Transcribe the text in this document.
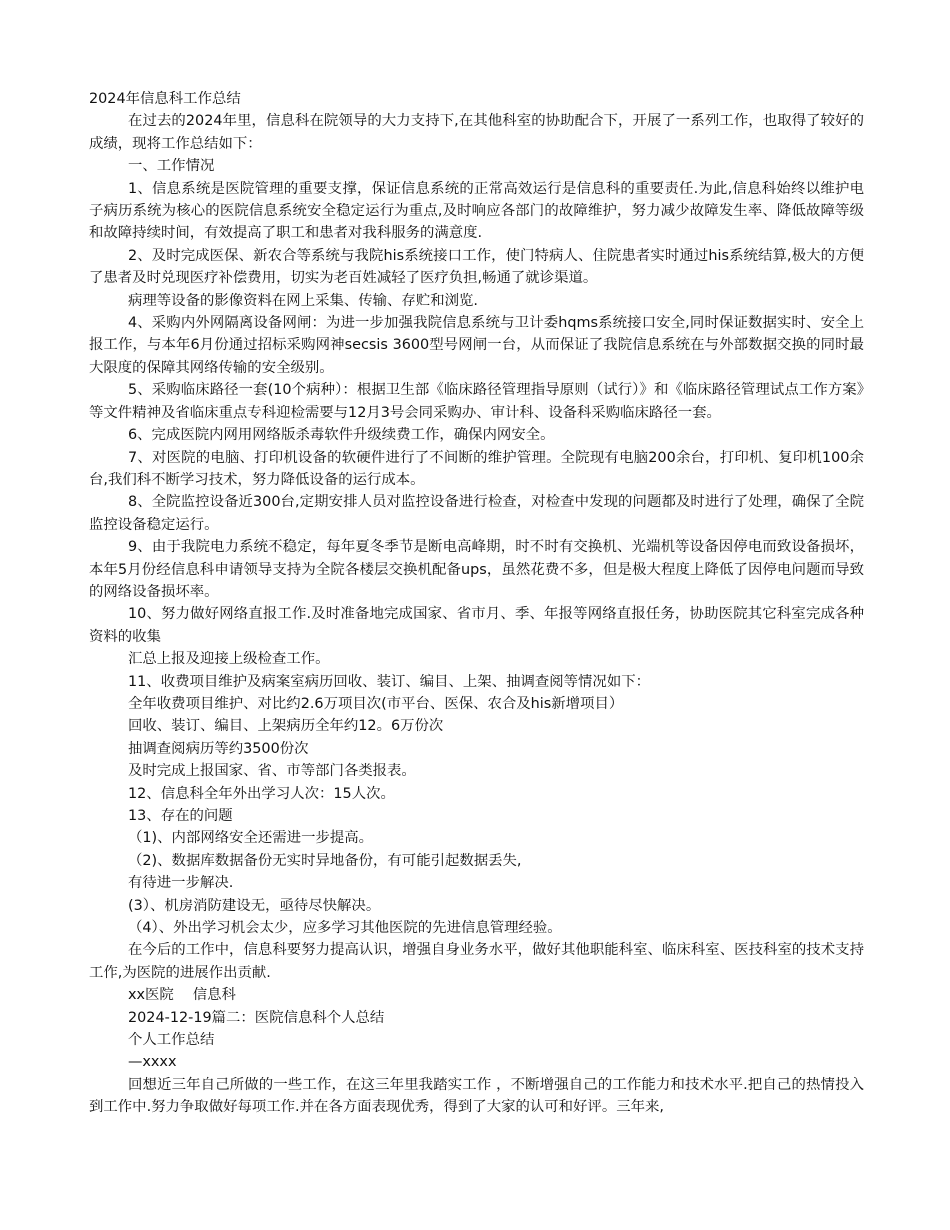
2024年信息科工作总结

在过去的2024年里，信息科在院领导的大力支持下,在其他科室的协助配合下，开展了一系列工作，也取得了较好的成绩，现将工作总结如下：

一、工作情况

1、信息系统是医院管理的重要支撑，保证信息系统的正常高效运行是信息科的重要责任.为此,信息科始终以维护电子病历系统为核心的医院信息系统安全稳定运行为重点,及时响应各部门的故障维护，努力减少故障发生率、降低故障等级和故障持续时间，有效提高了职工和患者对我科服务的满意度.

2、及时完成医保、新农合等系统与我院his系统接口工作，使门特病人、住院患者实时通过his系统结算,极大的方便了患者及时兑现医疗补偿费用，切实为老百姓减轻了医疗负担,畅通了就诊渠道。

病理等设备的影像资料在网上采集、传输、存贮和浏览.

4、采购内外网隔离设备网闸：为进一步加强我院信息系统与卫计委hqms系统接口安全,同时保证数据实时、安全上报工作，与本年6月份通过招标采购网神secsis 3600型号网闸一台，从而保证了我院信息系统在与外部数据交换的同时最大限度的保障其网络传输的安全级别。

5、采购临床路径一套(10个病种）：根据卫生部《临床路径管理指导原则（试行）》和《临床路径管理试点工作方案》等文件精神及省临床重点专科迎检需要与12月3号会同采购办、审计科、设备科采购临床路径一套。

6、完成医院内网用网络版杀毒软件升级续费工作，确保内网安全。

7、对医院的电脑、打印机设备的软硬件进行了不间断的维护管理。全院现有电脑200余台，打印机、复印机100余台,我们科不断学习技术，努力降低设备的运行成本。

8、全院监控设备近300台,定期安排人员对监控设备进行检查，对检查中发现的问题都及时进行了处理，确保了全院监控设备稳定运行。

9、由于我院电力系统不稳定，每年夏冬季节是断电高峰期，时不时有交换机、光端机等设备因停电而致设备损坏，本年5月份经信息科申请领导支持为全院各楼层交换机配备ups，虽然花费不多，但是极大程度上降低了因停电问题而导致的网络设备损坏率。

10、努力做好网络直报工作.及时准备地完成国家、省市月、季、年报等网络直报任务，协助医院其它科室完成各种资料的收集

汇总上报及迎接上级检查工作。

11、收费项目维护及病案室病历回收、装订、编目、上架、抽调查阅等情况如下：

全年收费项目维护、对比约2.6万项目次(市平台、医保、农合及his新增项目）

回收、装订、编目、上架病历全年约12。6万份次

抽调查阅病历等约3500份次

及时完成上报国家、省、市等部门各类报表。

12、信息科全年外出学习人次：15人次。

13、存在的问题

（1)、内部网络安全还需进一步提高。

（2)、数据库数据备份无实时异地备份，有可能引起数据丢失,

有待进一步解决.

(3）、机房消防建设无，亟待尽快解决。

（4）、外出学习机会太少，应多学习其他医院的先进信息管理经验。

在今后的工作中，信息科要努力提高认识，增强自身业务水平，做好其他职能科室、临床科室、医技科室的技术支持工作,为医院的进展作出贡献.

xx医院　 信息科

2024-12-19篇二：医院信息科个人总结

个人工作总结

—xxxx

回想近三年自己所做的一些工作，在这三年里我踏实工作 ，不断增强自己的工作能力和技术水平.把自己的热情投入到工作中.努力争取做好每项工作.并在各方面表现优秀，得到了大家的认可和好评。三年来,
